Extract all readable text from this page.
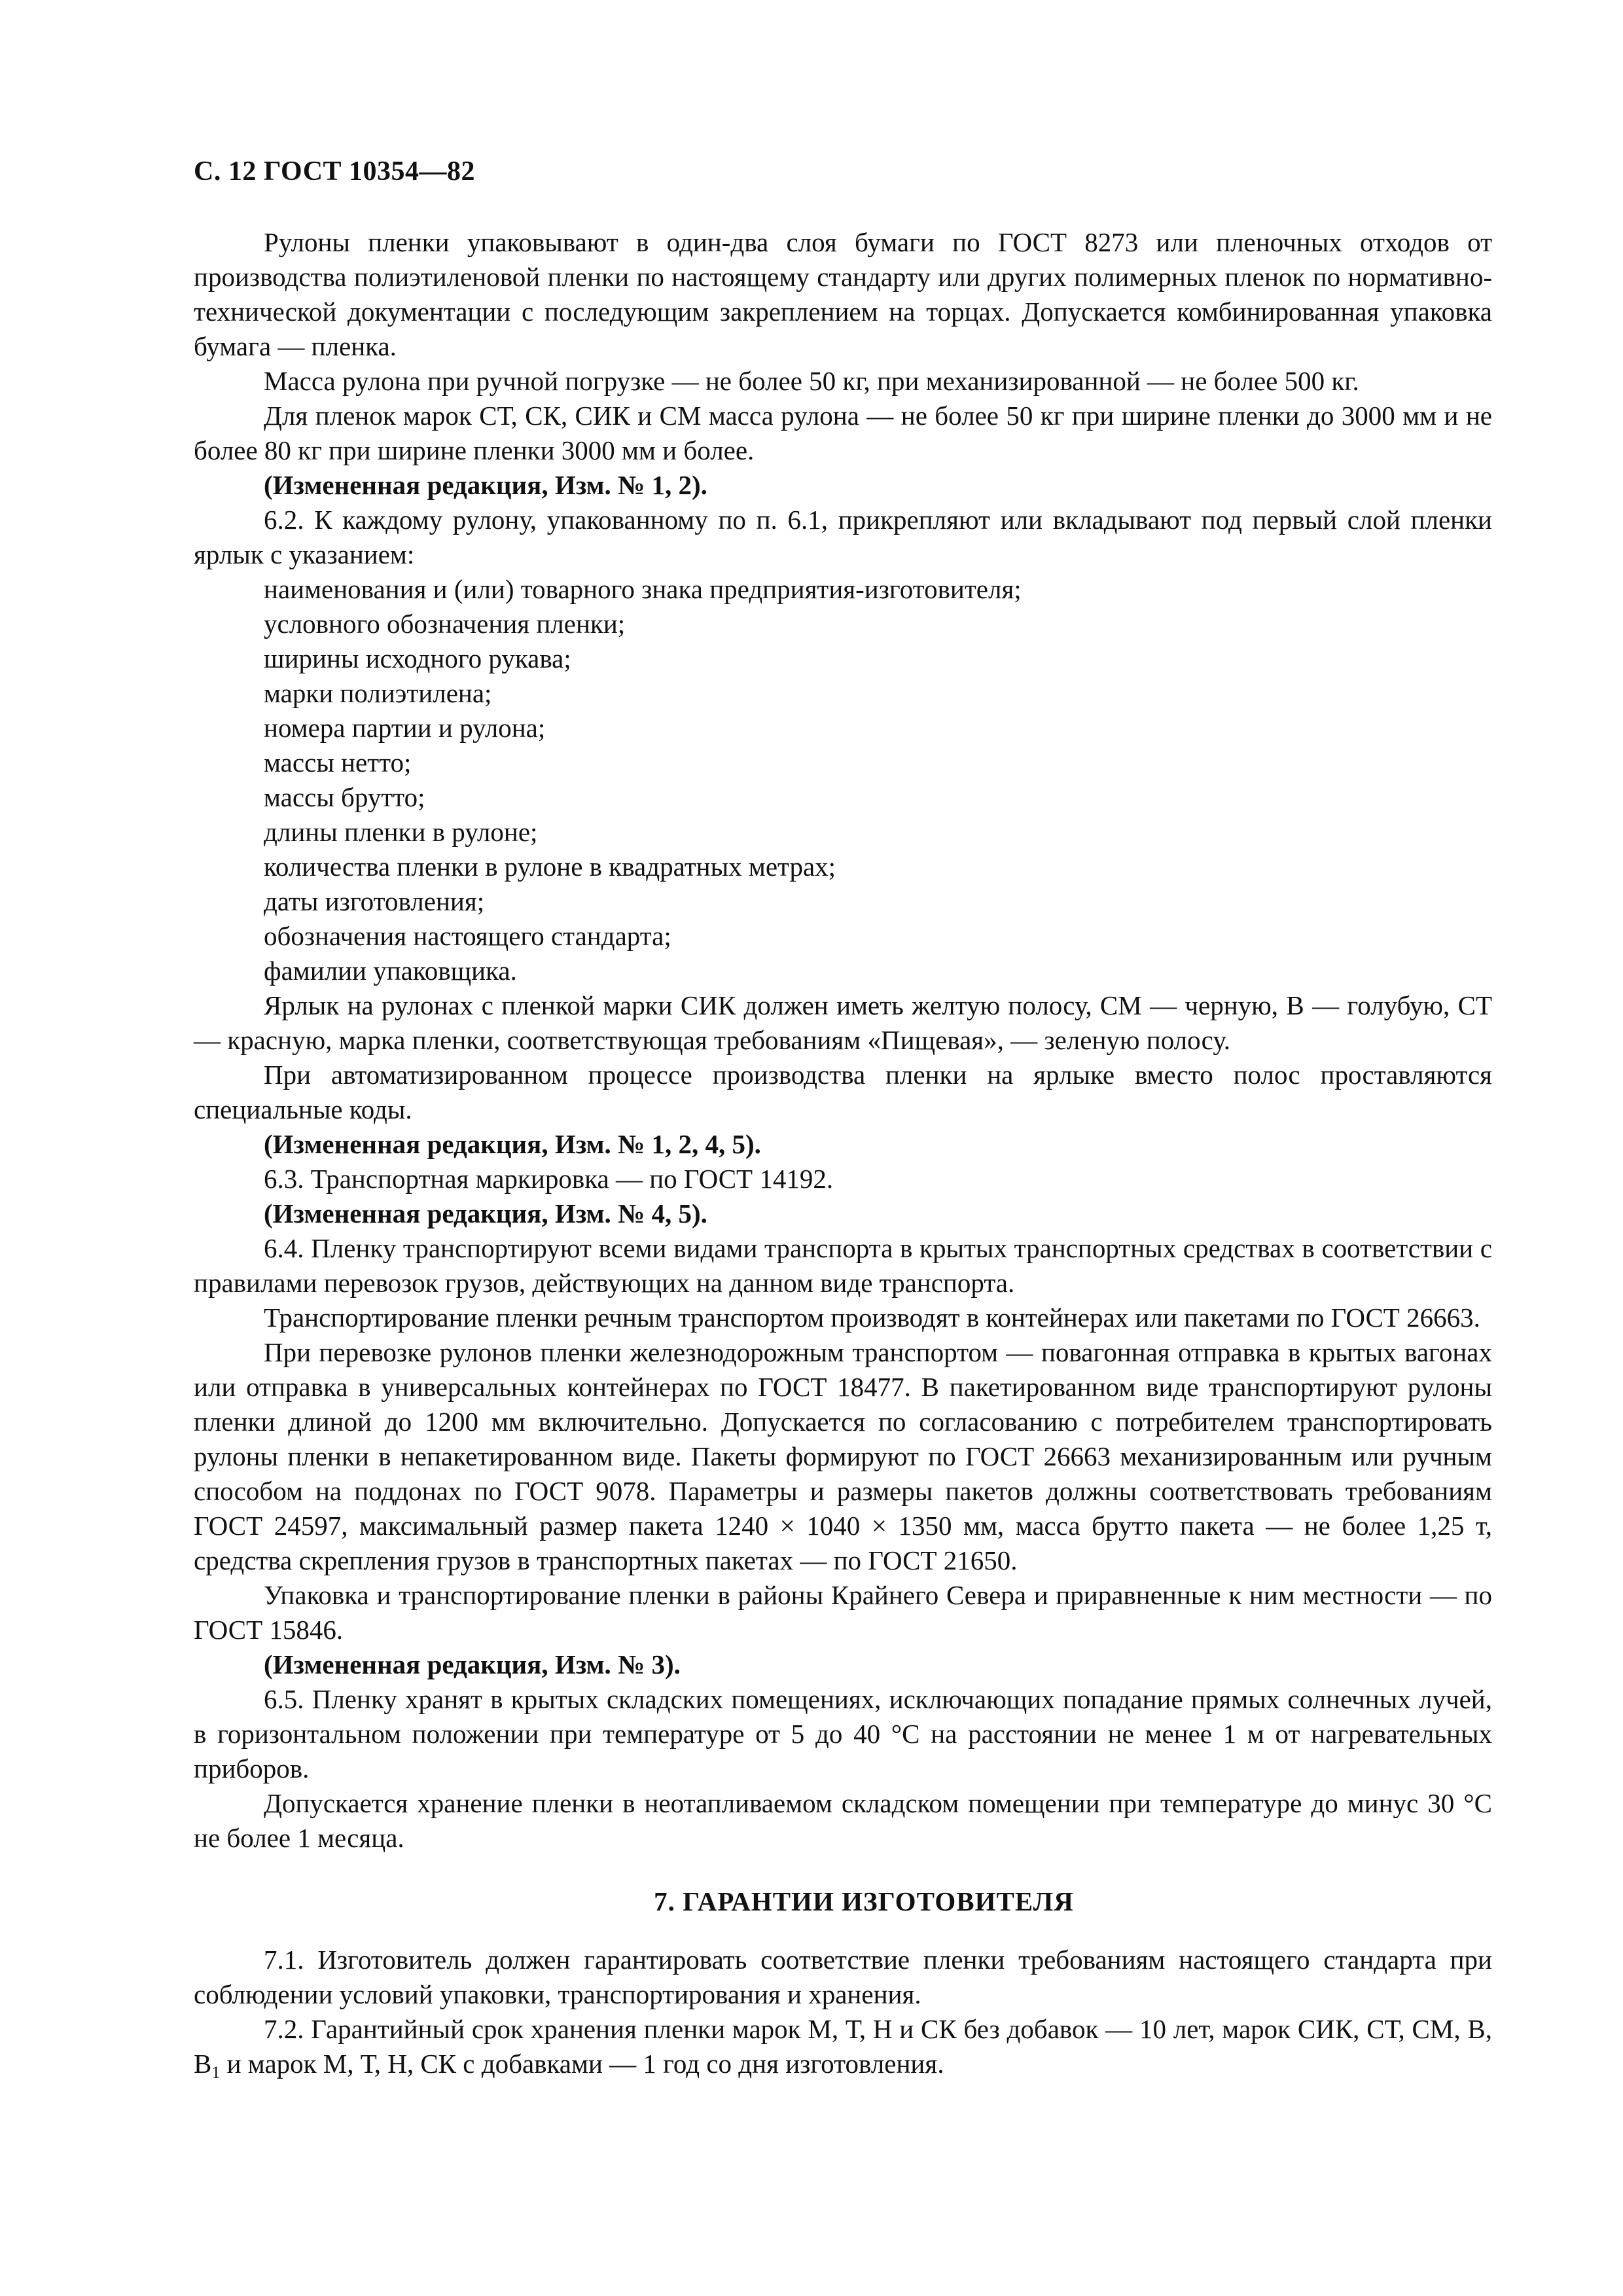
С. 12 ГОСТ 10354—82

Рулоны пленки упаковывают в один-два слоя бумаги по ГОСТ 8273 или пленочных отходов от производства полиэтиленовой пленки по настоящему стандарту или других полимерных пленок по нормативно-технической документации с последующим закреплением на торцах. Допускается комбинированная упаковка бумага — пленка.

Масса рулона при ручной погрузке — не более 50 кг, при механизированной — не более 500 кг.

Для пленок марок СТ, СК, СИК и СМ масса рулона — не более 50 кг при ширине пленки до 3000 мм и не более 80 кг при ширине пленки 3000 мм и более.

(Измененная редакция, Изм. № 1, 2).

6.2. К каждому рулону, упакованному по п. 6.1, прикрепляют или вкладывают под первый слой пленки ярлык с указанием:

наименования и (или) товарного знака предприятия-изготовителя;

условного обозначения пленки;

ширины исходного рукава;

марки полиэтилена;

номера партии и рулона;

массы нетто;

массы брутто;

длины пленки в рулоне;

количества пленки в рулоне в квадратных метрах;

даты изготовления;

обозначения настоящего стандарта;

фамилии упаковщика.

Ярлык на рулонах с пленкой марки СИК должен иметь желтую полосу, СМ — черную, В — голубую, СТ — красную, марка пленки, соответствующая требованиям «Пищевая», — зеленую полосу.

При автоматизированном процессе производства пленки на ярлыке вместо полос проставляются специальные коды.

(Измененная редакция, Изм. № 1, 2, 4, 5).

6.3. Транспортная маркировка — по ГОСТ 14192.

(Измененная редакция, Изм. № 4, 5).

6.4. Пленку транспортируют всеми видами транспорта в крытых транспортных средствах в соответствии с правилами перевозок грузов, действующих на данном виде транспорта.

Транспортирование пленки речным транспортом производят в контейнерах или пакетами по ГОСТ 26663.

При перевозке рулонов пленки железнодорожным транспортом — повагонная отправка в крытых вагонах или отправка в универсальных контейнерах по ГОСТ 18477. В пакетированном виде транспортируют рулоны пленки длиной до 1200 мм включительно. Допускается по согласованию с потребителем транспортировать рулоны пленки в непакетированном виде. Пакеты формируют по ГОСТ 26663 механизированным или ручным способом на поддонах по ГОСТ 9078. Параметры и размеры пакетов должны соответствовать требованиям ГОСТ 24597, максимальный размер пакета 1240 × 1040 × 1350 мм, масса брутто пакета — не более 1,25 т, средства скрепления грузов в транспортных пакетах — по ГОСТ 21650.

Упаковка и транспортирование пленки в районы Крайнего Севера и приравненные к ним местности — по ГОСТ 15846.

(Измененная редакция, Изм. № 3).

6.5. Пленку хранят в крытых складских помещениях, исключающих попадание прямых солнечных лучей, в горизонтальном положении при температуре от 5 до 40 °С на расстоянии не менее 1 м от нагревательных приборов.

Допускается хранение пленки в неотапливаемом складском помещении при температуре до минус 30 °С не более 1 месяца.

7. ГАРАНТИИ ИЗГОТОВИТЕЛЯ

7.1. Изготовитель должен гарантировать соответствие пленки требованиям настоящего стандарта при соблюдении условий упаковки, транспортирования и хранения.

7.2. Гарантийный срок хранения пленки марок М, Т, Н и СК без добавок — 10 лет, марок СИК, СТ, СМ, В, $В_1$ и марок М, Т, Н, СК с добавками — 1 год со дня изготовления.
